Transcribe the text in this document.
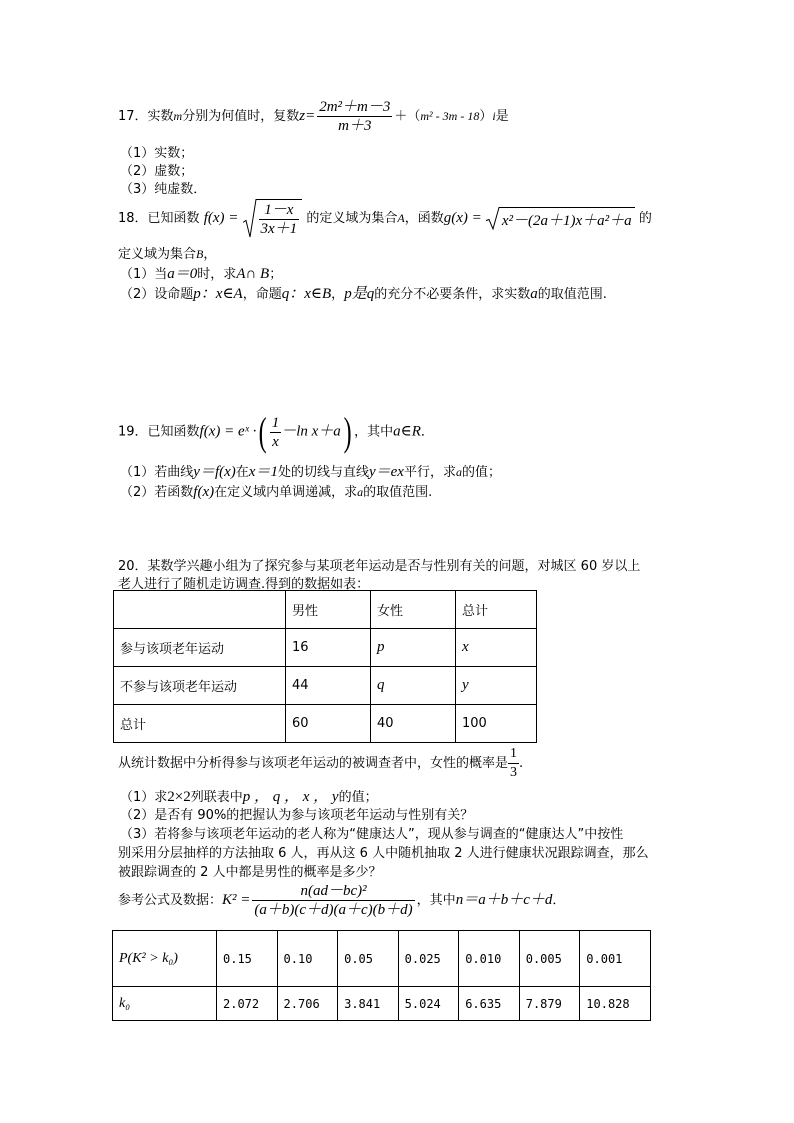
17．实数m分别为何值时，复数$z= \frac{\text{2m²＋m－3}}{m+3} +(m^2 - 3m - 18)i$是
（1）实数；
（2）虚数；
（3）纯虚数．
18．已知函数 $f(x) = \frac{1-x}{3x+1}$ 的定义域为集合A，函数g(x) = x²－(2a＋1)x＋a²＋a 的
定义域为集合B，
（1）当a＝0时，求A∩ B；
（2）设命题p：x∈A，命题q：x∈B，p是q的充分不必要条件，求实数a的取值范围.
19．已知函数f(x) = eˣ ·( $\frac{1}{x} -\ln$ x＋a) ，其中a∈R．
（1）若曲线y＝f(x)在x＝1处的切线与直线y＝ex平行，求a的值；
（2）若函数f(x)在定义域内单调递减，求a的取值范围.
20．某数学兴趣小组为了探究参与某项老年运动是否与性别有关的问题，对城区 60 岁以上
老人进行了随机走访调查.得到的数据如表：
	男性	女性	总计
参与该项老年运动	16	p	x
不参与该项老年运动	44	q	y
总计	60	40	100
从统计数据中分析得参与该项老年运动的被调查者中，女性的概率是 $\frac{1}{3}$ .
（1）求2×2列联表中p ， q ， x ， y的值；
（2）是否有 90%的把握认为参与该项老年运动与性别有关？
（3）若将参与该项老年运动的老人称为“健康达人”，现从参与调查的“健康达人”中按性
别采用分层抽样的方法抽取 6 人，再从这 6 人中随机抽取 2 人进行健康状况跟踪调查，那么
被跟踪调查的 2 人中都是男性的概率是多少？
参考公式及数据：$K^2 = \frac{\text{n(ad－bc)²}}{(a+b)(c+d)(a+c)(b+d)}$ ，其中n＝a＋b＋c＋d．
P(K² > k₀)	0.15	0.10	0.05	0.025	0.010	0.005	0.001
k₀	2.072	2.706	3.841	5.024	6.635	7.879	10.828
